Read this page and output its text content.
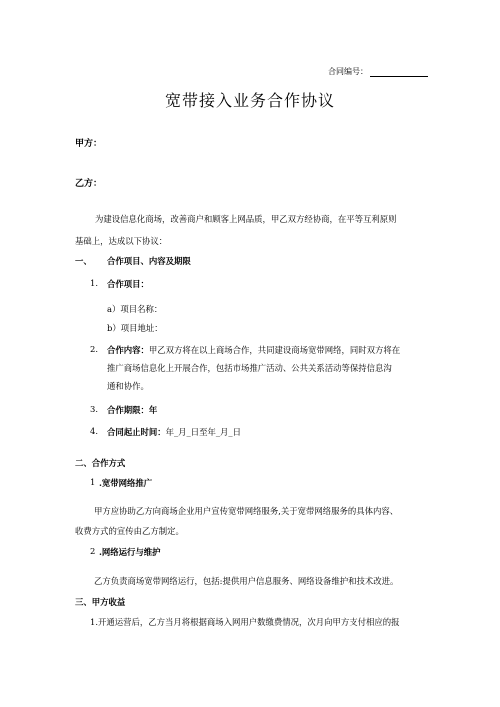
合同编号：
宽带接入业务合作协议
甲方：
乙方：
为建设信息化商场，改善商户和顾客上网品质，甲乙双方经协商，在平等互利原则
基础上，达成以下协议：
一、 合作项目、内容及期限
1. 合作项目：
a）项目名称：
b）项目地址：
2. 合作内容：甲乙双方将在以上商场合作，共同建设商场宽带网络，同时双方将在
推广商场信息化上开展合作，包括市场推广活动、公共关系活动等保持信息沟
通和协作。
3. 合作期限：年
4. 合同起止时间：年_月_日至年_月_日
二、合作方式
1 .宽带网络推广
甲方应协助乙方向商场企业用户宣传宽带网络服务,关于宽带网络服务的具体内容、
收费方式的宣传由乙方制定。
2 .网络运行与维护
乙方负责商场宽带网络运行，包括:提供用户信息服务、网络设备维护和技术改进。
三、甲方收益
1.开通运营后，乙方当月将根据商场入网用户数缴费情况，次月向甲方支付相应的报
